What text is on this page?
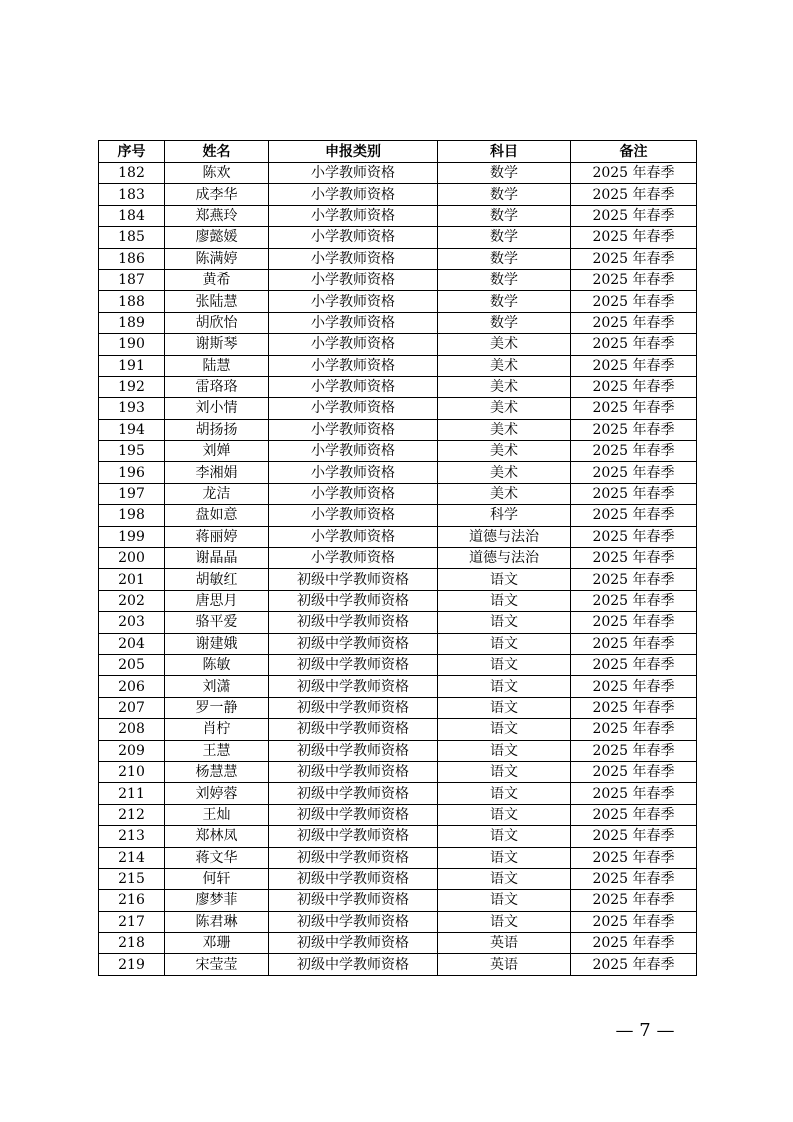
序号	姓名	申报类别	科目	备注
182	陈欢	小学教师资格	数学	2025 年春季
183	成李华	小学教师资格	数学	2025 年春季
184	郑燕玲	小学教师资格	数学	2025 年春季
185	廖懿媛	小学教师资格	数学	2025 年春季
186	陈满婷	小学教师资格	数学	2025 年春季
187	黄希	小学教师资格	数学	2025 年春季
188	张陆慧	小学教师资格	数学	2025 年春季
189	胡欣怡	小学教师资格	数学	2025 年春季
190	谢斯琴	小学教师资格	美术	2025 年春季
191	陆慧	小学教师资格	美术	2025 年春季
192	雷珞珞	小学教师资格	美术	2025 年春季
193	刘小情	小学教师资格	美术	2025 年春季
194	胡扬扬	小学教师资格	美术	2025 年春季
195	刘婵	小学教师资格	美术	2025 年春季
196	李湘娟	小学教师资格	美术	2025 年春季
197	龙洁	小学教师资格	美术	2025 年春季
198	盘如意	小学教师资格	科学	2025 年春季
199	蒋丽婷	小学教师资格	道德与法治	2025 年春季
200	谢晶晶	小学教师资格	道德与法治	2025 年春季
201	胡敏红	初级中学教师资格	语文	2025 年春季
202	唐思月	初级中学教师资格	语文	2025 年春季
203	骆平爱	初级中学教师资格	语文	2025 年春季
204	谢建娥	初级中学教师资格	语文	2025 年春季
205	陈敏	初级中学教师资格	语文	2025 年春季
206	刘潇	初级中学教师资格	语文	2025 年春季
207	罗一静	初级中学教师资格	语文	2025 年春季
208	肖柠	初级中学教师资格	语文	2025 年春季
209	王慧	初级中学教师资格	语文	2025 年春季
210	杨慧慧	初级中学教师资格	语文	2025 年春季
211	刘婷蓉	初级中学教师资格	语文	2025 年春季
212	王灿	初级中学教师资格	语文	2025 年春季
213	郑林凤	初级中学教师资格	语文	2025 年春季
214	蒋文华	初级中学教师资格	语文	2025 年春季
215	何轩	初级中学教师资格	语文	2025 年春季
216	廖梦菲	初级中学教师资格	语文	2025 年春季
217	陈君琳	初级中学教师资格	语文	2025 年春季
218	邓珊	初级中学教师资格	英语	2025 年春季
219	宋莹莹	初级中学教师资格	英语	2025 年春季
— 7 —
